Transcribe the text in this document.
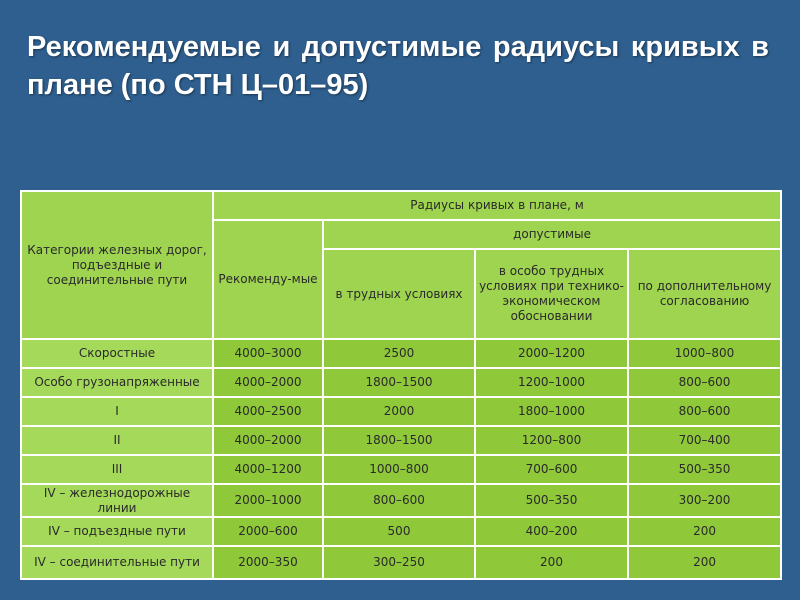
Рекомендуемые и допустимые радиусы кривых в плане (по СТН Ц–01–95)
Категории железных дорог, подъездные и соединительные пути	Радиусы кривых в плане, м			
	Рекоменду-мые	допустимые		
		в трудных условиях	в особо трудных условиях при технико-экономическом обосновании	по дополнительному согласованию
Скоростные	4000–3000	2500	2000–1200	1000–800
Особо грузонапряженные	4000–2000	1800–1500	1200–1000	800–600
I	4000–2500	2000	1800–1000	800–600
II	4000–2000	1800–1500	1200–800	700–400
III	4000–1200	1000–800	700–600	500–350
IV – железнодорожные линии	2000–1000	800–600	500–350	300–200
IV – подъездные пути	2000–600	500	400–200	200
IV – соединительные пути	2000–350	300–250	200	200
